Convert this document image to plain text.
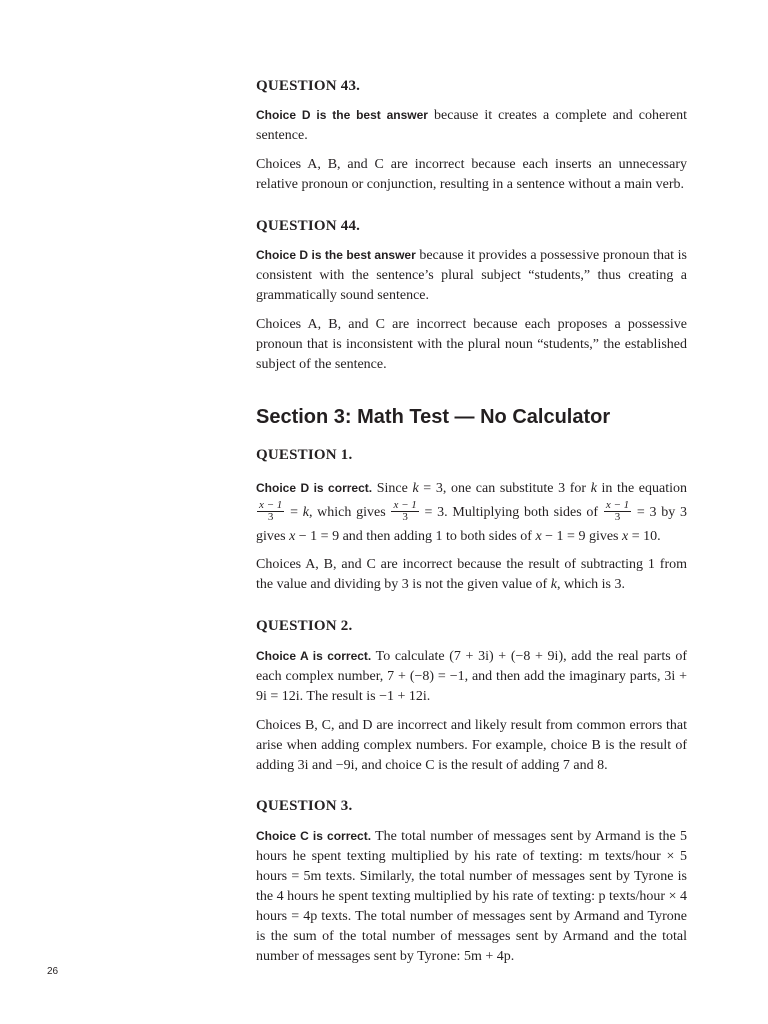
QUESTION 43.
Choice D is the best answer because it creates a complete and coherent sentence.
Choices A, B, and C are incorrect because each inserts an unnecessary relative pronoun or conjunction, resulting in a sentence without a main verb.
QUESTION 44.
Choice D is the best answer because it provides a possessive pronoun that is consistent with the sentence’s plural subject “students,” thus creating a grammatically sound sentence.
Choices A, B, and C are incorrect because each proposes a possessive pronoun that is inconsistent with the plural noun “students,” the established subject of the sentence.
Section 3: Math Test — No Calculator
QUESTION 1.
Choice D is correct. Since k = 3, one can substitute 3 for k in the equation
$\frac{x - 1}{3} = k$, which gives $\frac{x - 1}{3} = 3$. Multiplying both sides of $\frac{x - 1}{3} = 3$ by 3 gives x − 1 = 9 and then adding 1 to both sides of x − 1 = 9 gives x = 10.
Choices A, B, and C are incorrect because the result of subtracting 1 from the value and dividing by 3 is not the given value of k, which is 3.
QUESTION 2.
Choice A is correct. To calculate (7 + 3i) + (−8 + 9i), add the real parts of each complex number, 7 + (−8) = −1, and then add the imaginary parts, 3i + 9i = 12i. The result is −1 + 12i.
Choices B, C, and D are incorrect and likely result from common errors that arise when adding complex numbers. For example, choice B is the result of adding 3i and −9i, and choice C is the result of adding 7 and 8.
QUESTION 3.
Choice C is correct. The total number of messages sent by Armand is the 5 hours he spent texting multiplied by his rate of texting: m texts/hour × 5 hours = 5m texts. Similarly, the total number of messages sent by Tyrone is the 4 hours he spent texting multiplied by his rate of texting: p texts/hour × 4 hours = 4p texts. The total number of messages sent by Armand and Tyrone is the sum of the total number of messages sent by Armand and the total number of messages sent by Tyrone: 5m + 4p.
26
